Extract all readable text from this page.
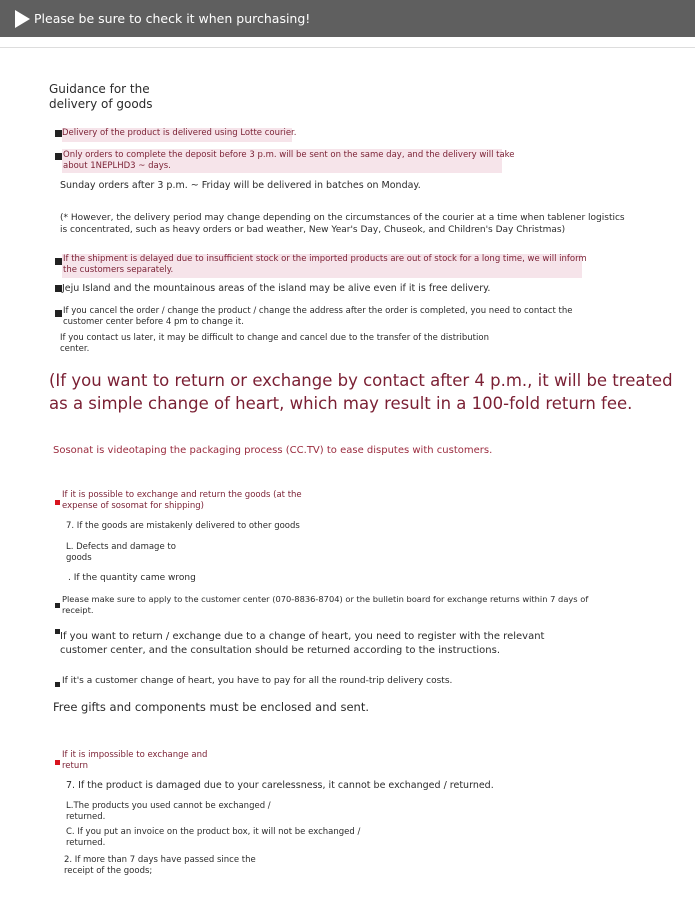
Please be sure to check it when purchasing!
Guidance for the
delivery of goods
Delivery of the product is delivered using Lotte courier.
Only orders to complete the deposit before 3 p.m. will be sent on the same day, and the delivery will take
about 1NEPLHD3 ~ days.
Sunday orders after 3 p.m. ~ Friday will be delivered in batches on Monday.
(* However, the delivery period may change depending on the circumstances of the courier at a time when tablener logistics
is concentrated, such as heavy orders or bad weather, New Year's Day, Chuseok, and Children's Day Christmas)
If the shipment is delayed due to insufficient stock or the imported products are out of stock for a long time, we will inform
the customers separately.
Jeju Island and the mountainous areas of the island may be alive even if it is free delivery.
If you cancel the order / change the product / change the address after the order is completed, you need to contact the
customer center before 4 pm to change it.
If you contact us later, it may be difficult to change and cancel due to the transfer of the distribution
center.
(If you want to return or exchange by contact after 4 p.m., it will be treated
as a simple change of heart, which may result in a 100-fold return fee.
Sosonat is videotaping the packaging process (CC.TV) to ease disputes with customers.
If it is possible to exchange and return the goods (at the
expense of sosomat for shipping)
7. If the goods are mistakenly delivered to other goods
L. Defects and damage to
goods
. If the quantity came wrong
Please make sure to apply to the customer center (070-8836-8704) or the bulletin board for exchange returns within 7 days of
receipt.
If you want to return / exchange due to a change of heart, you need to register with the relevant
customer center, and the consultation should be returned according to the instructions.
If it's a customer change of heart, you have to pay for all the round-trip delivery costs.
Free gifts and components must be enclosed and sent.
If it is impossible to exchange and
return
7. If the product is damaged due to your carelessness, it cannot be exchanged / returned.
L.The products you used cannot be exchanged /
returned.
C. If you put an invoice on the product box, it will not be exchanged /
returned.
2. If more than 7 days have passed since the
receipt of the goods;
